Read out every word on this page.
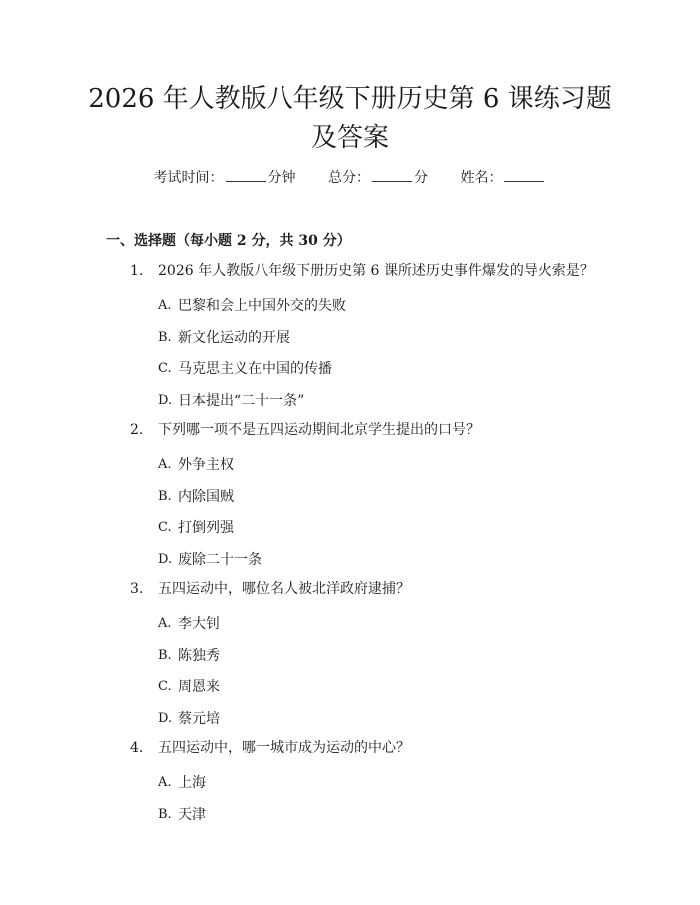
2026 年人教版八年级下册历史第 6 课练习题
及答案
考试时间：	分钟 总分：	分 姓名：
一、选择题（每小题 2 分，共 30 分）
1. 2026 年人教版八年级下册历史第 6 课所述历史事件爆发的导火索是？
A. 巴黎和会上中国外交的失败
B. 新文化运动的开展
C. 马克思主义在中国的传播
D. 日本提出“二十一条”
2. 下列哪一项不是五四运动期间北京学生提出的口号？
A. 外争主权
B. 内除国贼
C. 打倒列强
D. 废除二十一条
3. 五四运动中，哪位名人被北洋政府逮捕？
A. 李大钊
B. 陈独秀
C. 周恩来
D. 蔡元培
4. 五四运动中，哪一城市成为运动的中心？
A. 上海
B. 天津
